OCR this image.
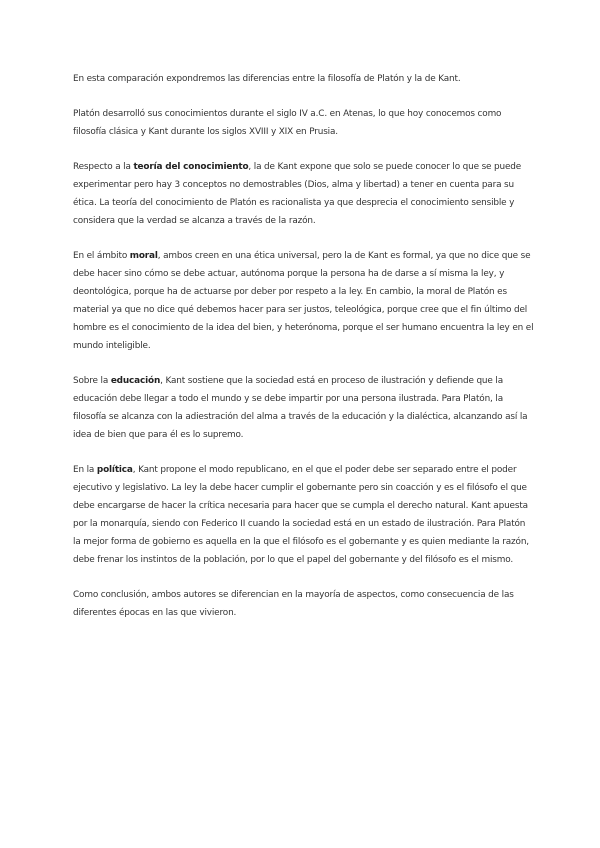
En esta comparación expondremos las diferencias entre la filosofía de Platón y la de Kant.

Platón desarrolló sus conocimientos durante el siglo IV a.C. en Atenas, lo que hoy conocemos como filosofía clásica y Kant durante los siglos XVIII y XIX en Prusia.

Respecto a la teoría del conocimiento, la de Kant expone que solo se puede conocer lo que se puede experimentar pero hay 3 conceptos no demostrables (Dios, alma y libertad) a tener en cuenta para su ética. La teoría del conocimiento de Platón es racionalista ya que desprecia el conocimiento sensible y considera que la verdad se alcanza a través de la razón.

En el ámbito moral, ambos creen en una ética universal, pero la de Kant es formal, ya que no dice que se debe hacer sino cómo se debe actuar, autónoma porque la persona ha de darse a sí misma la ley, y deontológica, porque ha de actuarse por deber por respeto a la ley. En cambio, la moral de Platón es material ya que no dice qué debemos hacer para ser justos, teleológica, porque cree que el fin último del hombre es el conocimiento de la idea del bien, y heterónoma, porque el ser humano encuentra la ley en el mundo inteligible.

Sobre la educación, Kant sostiene que la sociedad está en proceso de ilustración y defiende que la educación debe llegar a todo el mundo y se debe impartir por una persona ilustrada. Para Platón, la filosofía se alcanza con la adiestración del alma a través de la educación y la dialéctica, alcanzando así la idea de bien que para él es lo supremo.

En la política, Kant propone el modo republicano, en el que el poder debe ser separado entre el poder ejecutivo y legislativo. La ley la debe hacer cumplir el gobernante pero sin coacción y es el filósofo el que debe encargarse de hacer la crítica necesaria para hacer que se cumpla el derecho natural. Kant apuesta por la monarquía, siendo con Federico II cuando la sociedad está en un estado de ilustración. Para Platón la mejor forma de gobierno es aquella en la que el filósofo es el gobernante y es quien mediante la razón, debe frenar los instintos de la población, por lo que el papel del gobernante y del filósofo es el mismo.

Como conclusión, ambos autores se diferencian en la mayoría de aspectos, como consecuencia de las diferentes épocas en las que vivieron.
